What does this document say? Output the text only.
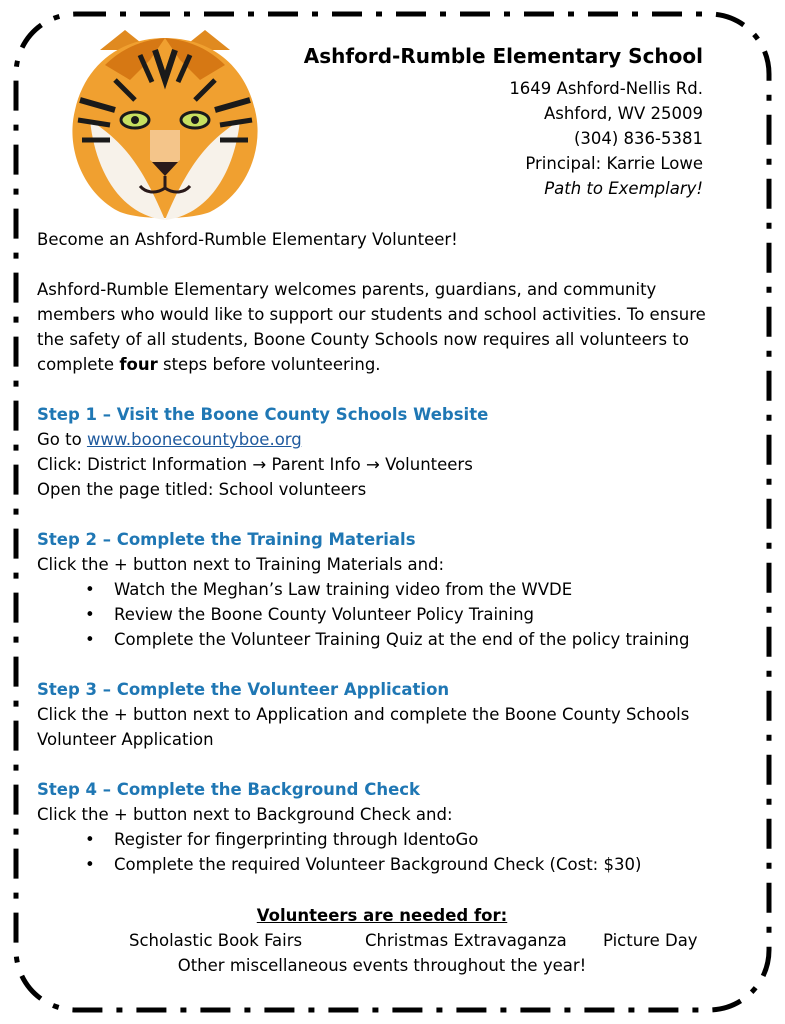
Ashford-Rumble Elementary School
1649 Ashford-Nellis Rd.
Ashford, WV 25009
(304) 836-5381
Principal: Karrie Lowe
Path to Exemplary!

Become an Ashford-Rumble Elementary Volunteer!

Ashford-Rumble Elementary welcomes parents, guardians, and community members who would like to support our students and school activities. To ensure the safety of all students, Boone County Schools now requires all volunteers to complete four steps before volunteering.

Step 1 – Visit the Boone County Schools Website

Go to www.boonecountyboe.org

Click: District Information → Parent Info → Volunteers

Open the page titled: School volunteers

Step 2 – Complete the Training Materials

Click the + button next to Training Materials and:

• Watch the Meghan’s Law training video from the WVDE
• Review the Boone County Volunteer Policy Training
• Complete the Volunteer Training Quiz at the end of the policy training

Step 3 – Complete the Volunteer Application

Click the + button next to Application and complete the Boone County Schools Volunteer Application

Step 4 – Complete the Background Check

Click the + button next to Background Check and:

• Register for fingerprinting through IdentoGo
• Complete the required Volunteer Background Check (Cost: $30)
Volunteers are needed for:
Scholastic Book Fairs	Christmas Extravaganza Picture Day
Other miscellaneous events throughout the year!
